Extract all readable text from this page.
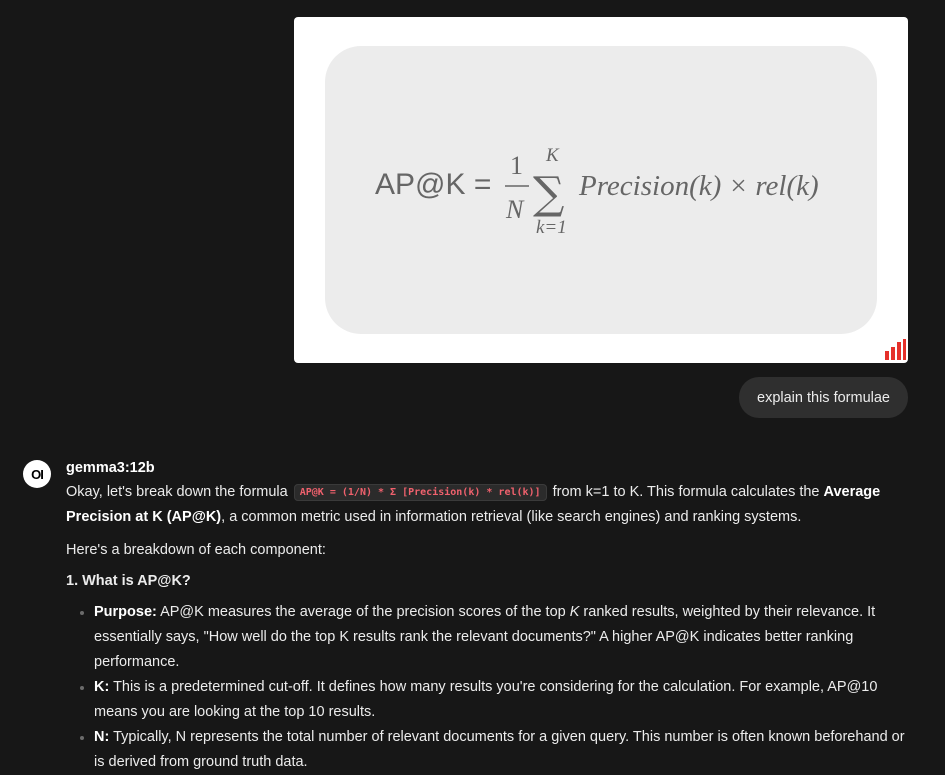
AP@K =
1
N
K
∑
k=1
Precision(k) × rel(k)
explain this formulae
OI gemma3:12b

Okay, let's break down the formula AP@K = (1/N) * Σ [Precision(k) * rel(k)] from k=1 to K. This formula calculates the Average Precision at K (AP@K), a common metric used in information retrieval (like search engines) and ranking systems.

Here's a breakdown of each component:

1. What is AP@K?

• Purpose: AP@K measures the average of the precision scores of the top K ranked results, weighted by their relevance. It essentially says, "How well do the top K results rank the relevant documents?" A higher AP@K indicates better ranking performance.
• K: This is a predetermined cut-off. It defines how many results you're considering for the calculation. For example, AP@10 means you are looking at the top 10 results.
• N: Typically, N represents the total number of relevant documents for a given query. This number is often known beforehand or is derived from ground truth data.
